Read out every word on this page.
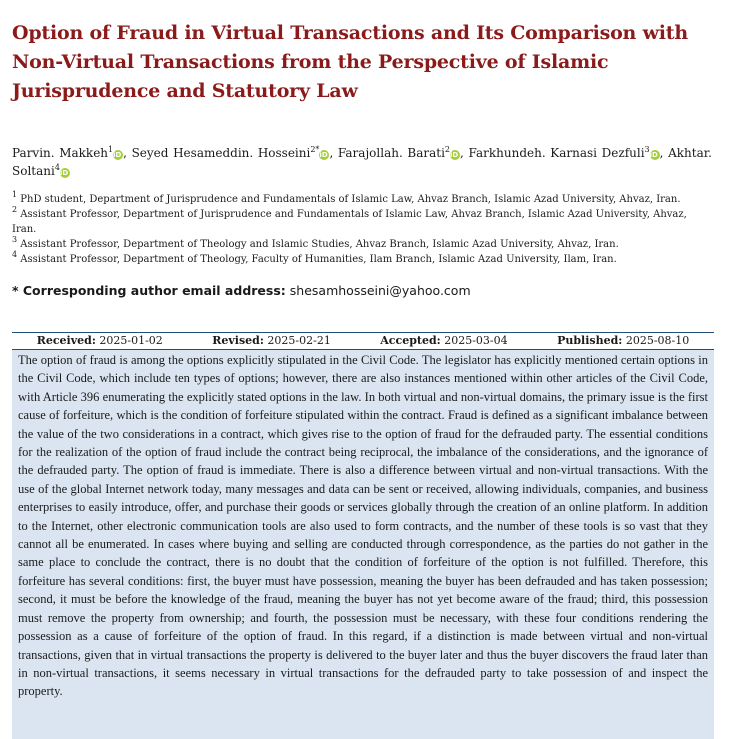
Option of Fraud in Virtual Transactions and Its Comparison with Non-Virtual Transactions from the Perspective of Islamic Jurisprudence and Statutory Law
Parvin. Makkeh$^1$iD , Seyed Hesameddin. Hosseini$^{2*}$iD , Farajollah. Barati$^2$iD , Farkhundeh. Karnasi Dezfuli$^3$iD , Akhtar. Soltani$^4$iD
$^1$ PhD student, Department of Jurisprudence and Fundamentals of Islamic Law, Ahvaz Branch, Islamic Azad University, Ahvaz, Iran.
$^2$ Assistant Professor, Department of Jurisprudence and Fundamentals of Islamic Law, Ahvaz Branch, Islamic Azad University, Ahvaz, Iran.
$^3$ Assistant Professor, Department of Theology and Islamic Studies, Ahvaz Branch, Islamic Azad University, Ahvaz, Iran.
$^4$ Assistant Professor, Department of Theology, Faculty of Humanities, Ilam Branch, Islamic Azad University, Ilam, Iran.
* Corresponding author email address: shesamhosseini@yahoo.com
Received: 2025-01-02	Revised: 2025-02-21	Accepted: 2025-03-04	Published: 2025-08-10
The option of fraud is among the options explicitly stipulated in the Civil Code. The legislator has explicitly mentioned certain options in the Civil Code, which include ten types of options; however, there are also instances mentioned within other articles of the Civil Code, with Article 396 enumerating the explicitly stated options in the law. In both virtual and non-virtual domains, the primary issue is the first cause of forfeiture, which is the condition of forfeiture stipulated within the contract. Fraud is defined as a significant imbalance between the value of the two considerations in a contract, which gives rise to the option of fraud for the defrauded party. The essential conditions for the realization of the option of fraud include the contract being reciprocal, the imbalance of the considerations, and the ignorance of the defrauded party. The option of fraud is immediate. There is also a difference between virtual and non-virtual transactions. With the use of the global Internet network today, many messages and data can be sent or received, allowing individuals, companies, and business enterprises to easily introduce, offer, and purchase their goods or services globally through the creation of an online platform. In addition to the Internet, other electronic communication tools are also used to form contracts, and the number of these tools is so vast that they cannot all be enumerated. In cases where buying and selling are conducted through correspondence, as the parties do not gather in the same place to conclude the contract, there is no doubt that the condition of forfeiture of the option is not fulfilled. Therefore, this forfeiture has several conditions: first, the buyer must have possession, meaning the buyer has been defrauded and has taken possession; second, it must be before the knowledge of the fraud, meaning the buyer has not yet become aware of the fraud; third, this possession must remove the property from ownership; and fourth, the possession must be necessary, with these four conditions rendering the possession as a cause of forfeiture of the option of fraud. In this regard, if a distinction is made between virtual and non-virtual transactions, given that in virtual transactions the property is delivered to the buyer later and thus the buyer discovers the fraud later than in non-virtual transactions, it seems necessary in virtual transactions for the defrauded party to take possession of and inspect the property.
